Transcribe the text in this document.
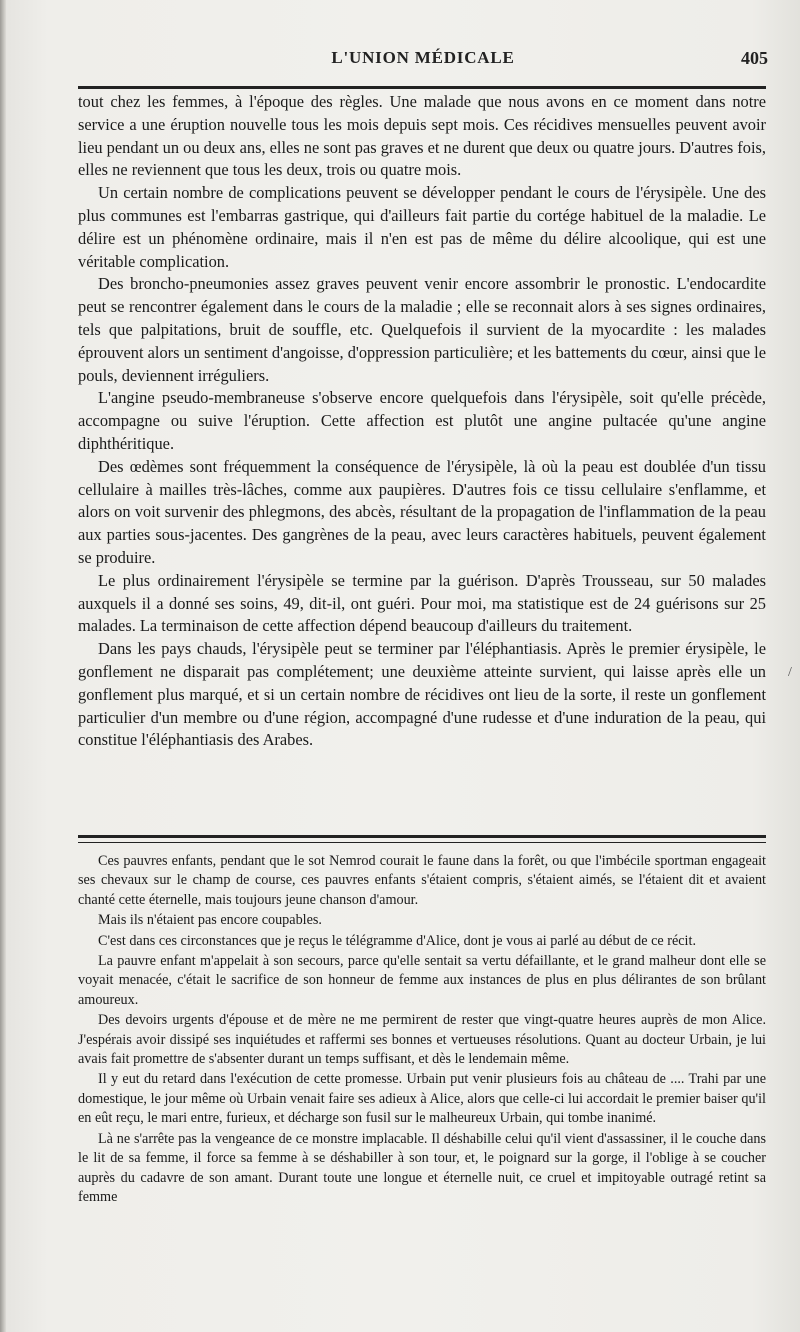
L'UNION MÉDICALE	405

tout chez les femmes, à l'époque des règles. Une malade que nous avons en ce moment dans notre service a une éruption nouvelle tous les mois depuis sept mois. Ces récidives mensuelles peuvent avoir lieu pendant un ou deux ans, elles ne sont pas graves et ne durent que deux ou quatre jours. D'autres fois, elles ne reviennent que tous les deux, trois ou quatre mois.

Un certain nombre de complications peuvent se développer pendant le cours de l'érysipèle. Une des plus communes est l'embarras gastrique, qui d'ailleurs fait partie du cortége habituel de la maladie. Le délire est un phénomène ordinaire, mais il n'en est pas de même du délire alcoolique, qui est une véritable complication.

Des broncho-pneumonies assez graves peuvent venir encore assombrir le pronostic. L'endocardite peut se rencontrer également dans le cours de la maladie ; elle se reconnait alors à ses signes ordinaires, tels que palpitations, bruit de souffle, etc. Quelquefois il survient de la myocardite : les malades éprouvent alors un sentiment d'angoisse, d'oppression particulière; et les battements du cœur, ainsi que le pouls, deviennent irréguliers.

L'angine pseudo-membraneuse s'observe encore quelquefois dans l'érysipèle, soit qu'elle précède, accompagne ou suive l'éruption. Cette affection est plutôt une angine pultacée qu'une angine diphthéritique.

Des œdèmes sont fréquemment la conséquence de l'érysipèle, là où la peau est doublée d'un tissu cellulaire à mailles très-lâches, comme aux paupières. D'autres fois ce tissu cellulaire s'enflamme, et alors on voit survenir des phlegmons, des abcès, résultant de la propagation de l'inflammation de la peau aux parties sous-jacentes. Des gangrènes de la peau, avec leurs caractères habituels, peuvent également se produire.

Le plus ordinairement l'érysipèle se termine par la guérison. D'après Trousseau, sur 50 malades auxquels il a donné ses soins, 49, dit-il, ont guéri. Pour moi, ma statistique est de 24 guérisons sur 25 malades. La terminaison de cette affection dépend beaucoup d'ailleurs du traitement.

Dans les pays chauds, l'érysipèle peut se terminer par l'éléphantiasis. Après le premier érysipèle, le gonflement ne disparait pas complétement; une deuxième atteinte survient, qui laisse après elle un gonflement plus marqué, et si un certain nombre de récidives ont lieu de la sorte, il reste un gonflement particulier d'un membre ou d'une région, accompagné d'une rudesse et d'une induration de la peau, qui constitue l'éléphantiasis des Arabes.

/

Ces pauvres enfants, pendant que le sot Nemrod courait le faune dans la forêt, ou que l'imbécile sportman engageait ses chevaux sur le champ de course, ces pauvres enfants s'étaient compris, s'étaient aimés, se l'étaient dit et avaient chanté cette éternelle, mais toujours jeune chanson d'amour.

Mais ils n'étaient pas encore coupables.

C'est dans ces circonstances que je reçus le télégramme d'Alice, dont je vous ai parlé au début de ce récit.

La pauvre enfant m'appelait à son secours, parce qu'elle sentait sa vertu défaillante, et le grand malheur dont elle se voyait menacée, c'était le sacrifice de son honneur de femme aux instances de plus en plus délirantes de son brûlant amoureux.

Des devoirs urgents d'épouse et de mère ne me permirent de rester que vingt-quatre heures auprès de mon Alice. J'espérais avoir dissipé ses inquiétudes et raffermi ses bonnes et vertueuses résolutions. Quant au docteur Urbain, je lui avais fait promettre de s'absenter durant un temps suffisant, et dès le lendemain même.

Il y eut du retard dans l'exécution de cette promesse. Urbain put venir plusieurs fois au château de .... Trahi par une domestique, le jour même où Urbain venait faire ses adieux à Alice, alors que celle-ci lui accordait le premier baiser qu'il en eût reçu, le mari entre, furieux, et décharge son fusil sur le malheureux Urbain, qui tombe inanimé.

Là ne s'arrête pas la vengeance de ce monstre implacable. Il déshabille celui qu'il vient d'assassiner, il le couche dans le lit de sa femme, il force sa femme à se déshabiller à son tour, et, le poignard sur la gorge, il l'oblige à se coucher auprès du cadavre de son amant. Durant toute une longue et éternelle nuit, ce cruel et impitoyable outragé retint sa femme
